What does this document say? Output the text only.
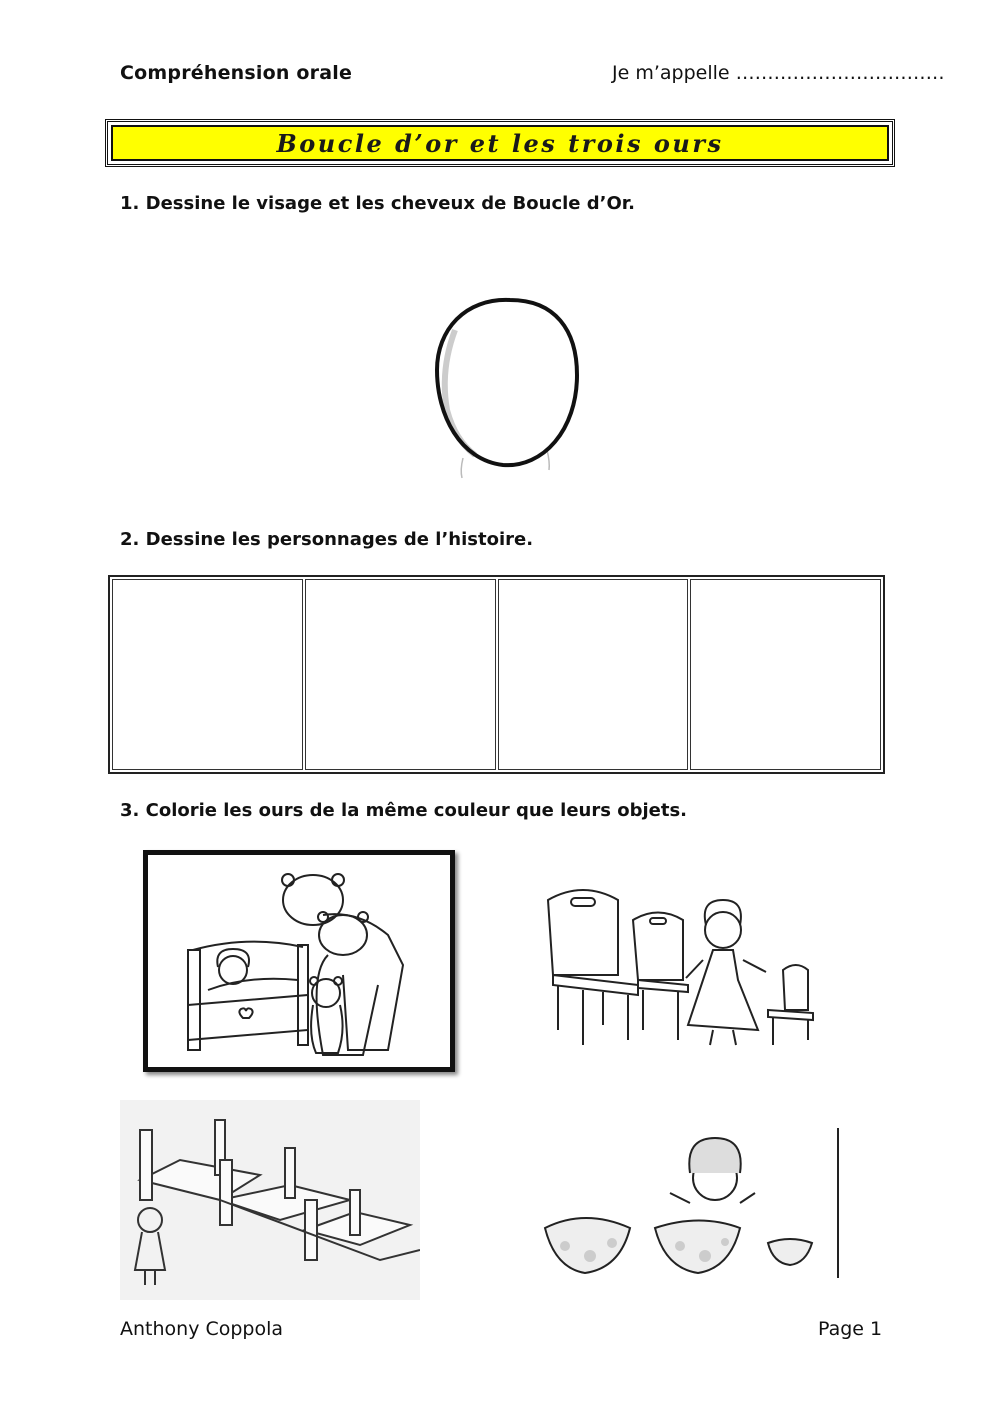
Compréhension orale	Je m’appelle ……………………………
Boucle d’or et les trois ours
1. Dessine le visage et les cheveux de Boucle d’Or.
2. Dessine les personnages de l’histoire.
3. Colorie les ours de la même couleur que leurs objets.
Anthony Coppola	Page 1
